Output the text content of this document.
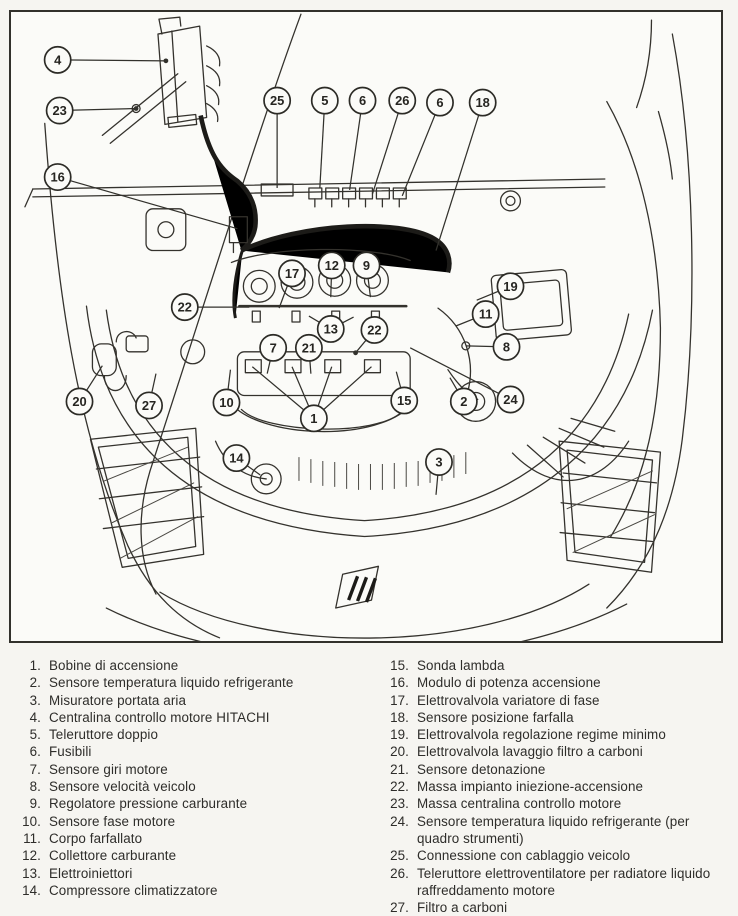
4
23
16
25	5 6 26 6 18
17
12 9
22
13 22
19
11
8
7 21
20	27	10
1
15	2	24
14	3
1. Bobine di accensione
2. Sensore temperatura liquido refrigerante
3. Misuratore portata aria
4. Centralina controllo motore HITACHI
5. Teleruttore doppio
6. Fusibili
7. Sensore giri motore
8. Sensore velocità veicolo
9. Regolatore pressione carburante
10. Sensore fase motore
11. Corpo farfallato
12. Collettore carburante
13. Elettroiniettori
14. Compressore climatizzatore
15. Sonda lambda
16. Modulo di potenza accensione
17. Elettrovalvola variatore di fase
18. Sensore posizione farfalla
19. Elettrovalvola regolazione regime minimo
20. Elettrovalvola lavaggio filtro a carboni
21. Sensore detonazione
22. Massa impianto iniezione-accensione
23. Massa centralina controllo motore
24. Sensore temperatura liquido refrigerante (per quadro strumenti)
25. Connessione con cablaggio veicolo
26. Teleruttore elettroventilatore per radiatore liquido raffreddamento motore
27. Filtro a carboni
